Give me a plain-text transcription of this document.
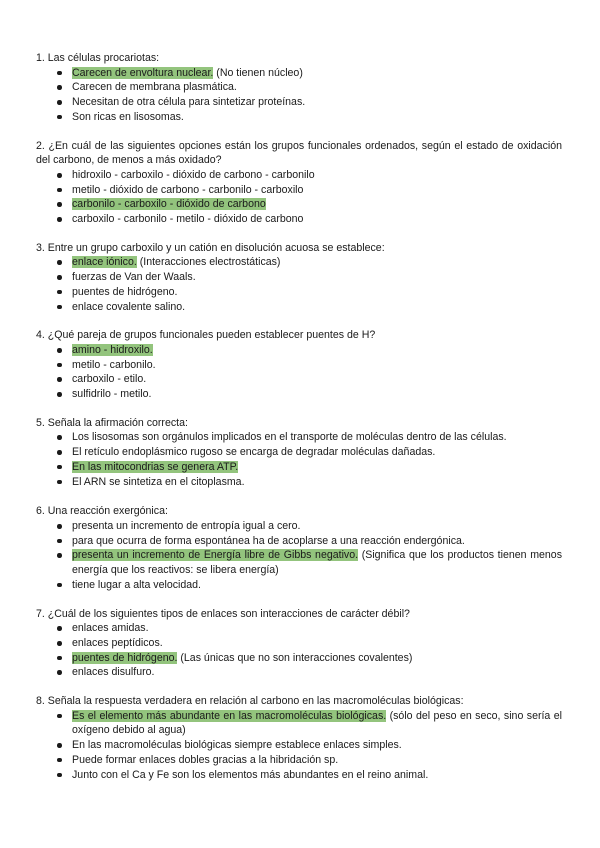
1. Las células procariotas:
Carecen de envoltura nuclear. (No tienen núcleo)
Carecen de membrana plasmática.
Necesitan de otra célula para sintetizar proteínas.
Son ricas en lisosomas.
2. ¿En cuál de las siguientes opciones están los grupos funcionales ordenados, según el estado de oxidación del carbono, de menos a más oxidado?
hidroxilo - carboxilo - dióxido de carbono - carbonilo
metilo - dióxido de carbono - carbonilo - carboxilo
carbonilo - carboxilo - dióxido de carbono
carboxilo - carbonilo - metilo - dióxido de carbono
3. Entre un grupo carboxilo y un catión en disolución acuosa se establece:
enlace iónico. (Interacciones electrostáticas)
fuerzas de Van der Waals.
puentes de hidrógeno.
enlace covalente salino.
4. ¿Qué pareja de grupos funcionales pueden establecer puentes de H?
amino - hidroxilo.
metilo - carbonilo.
carboxilo - etilo.
sulfidrilo - metilo.
5. Señala la afirmación correcta:
Los lisosomas son orgánulos implicados en el transporte de moléculas dentro de las células.
El retículo endoplásmico rugoso se encarga de degradar moléculas dañadas.
En las mitocondrias se genera ATP.
El ARN se sintetiza en el citoplasma.
6. Una reacción exergónica:
presenta un incremento de entropía igual a cero.
para que ocurra de forma espontánea ha de acoplarse a una reacción endergónica.
presenta un incremento de Energía libre de Gibbs negativo. (Significa que los productos tienen menos energía que los reactivos: se libera energía)
tiene lugar a alta velocidad.
7. ¿Cuál de los siguientes tipos de enlaces son interacciones de carácter débil?
enlaces amidas.
enlaces peptídicos.
puentes de hidrógeno. (Las únicas que no son interacciones covalentes)
enlaces disulfuro.
8. Señala la respuesta verdadera en relación al carbono en las macromoléculas biológicas:
Es el elemento más abundante en las macromoléculas biológicas. (sólo del peso en seco, sino sería el oxígeno debido al agua)
En las macromoléculas biológicas siempre establece enlaces simples.
Puede formar enlaces dobles gracias a la hibridación sp.
Junto con el Ca y Fe son los elementos más abundantes en el reino animal.
